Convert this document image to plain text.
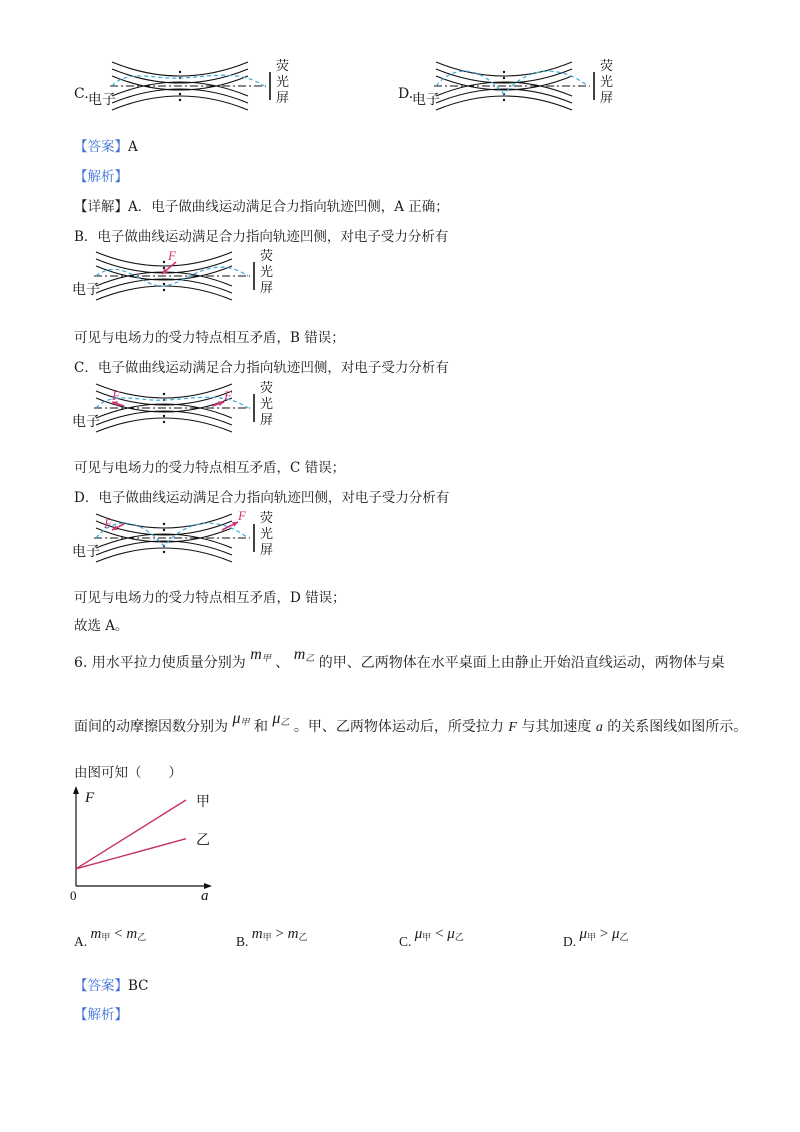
C.
荧
光
屏
电子	D.
荧
光
屏
电子
【答案】A
【解析】
【详解】A．电子做曲线运动满足合力指向轨迹凹侧，A 正确；
B．电子做曲线运动满足合力指向轨迹凹侧，对电子受力分析有
荧
光
屏
电子
F
可见与电场力的受力特点相互矛盾，B 错误；
C．电子做曲线运动满足合力指向轨迹凹侧，对电子受力分析有
荧
光
屏
电子
F	F
可见与电场力的受力特点相互矛盾，C 错误；
D．电子做曲线运动满足合力指向轨迹凹侧，对电子受力分析有
荧
光
屏
电子
F
F
可见与电场力的受力特点相互矛盾，D 错误；
故选 A。
6. 用水平拉力使质量分别为 $m_甲$ 、 $m_乙$ 的甲、乙两物体在水平桌面上由静止开始沿直线运动，两物体与桌
面间的动摩擦因数分别为 $\mu_甲$ 和 $\mu_乙$ 。甲、乙两物体运动后，所受拉力 F 与其加速度 a 的关系图线如图所示。
由图可知（　　）
F
a
0
甲
乙
A. $m_甲 < m_乙$	B. $m_甲 > m_乙$	C. $\mu_甲 < \mu_乙$	D. $\mu_甲 > \mu_乙$
【答案】BC
【解析】
